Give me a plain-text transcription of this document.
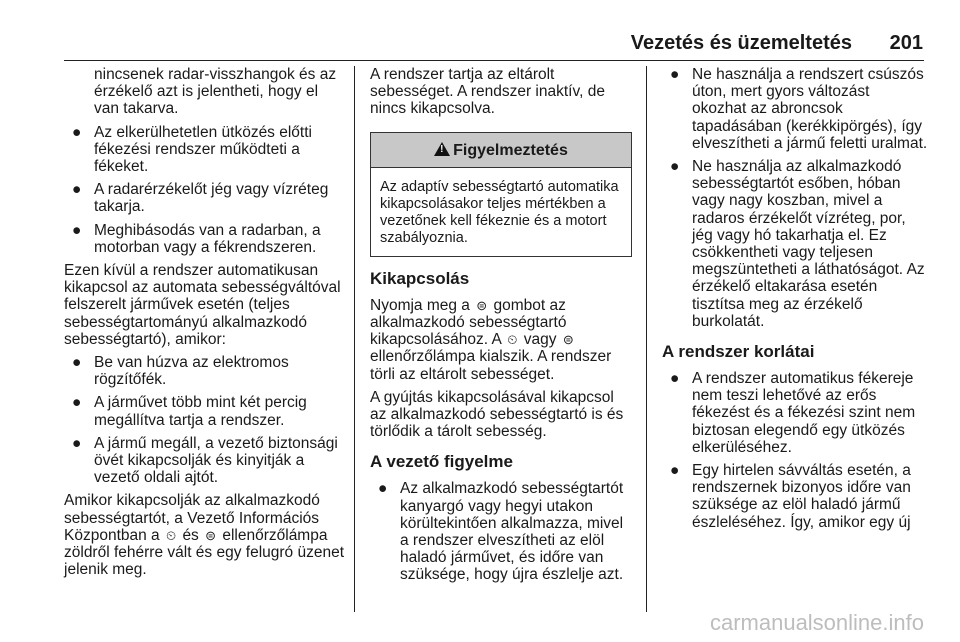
Vezetés és üzemeltetés 201
nincsenek radar-visszhangok és az érzékelő azt is jelentheti, hogy el van takarva.
● Az elkerülhetetlen ütközés előtti fékezési rendszer működteti a fékeket.
● A radarérzékelőt jég vagy vízréteg takarja.
● Meghibásodás van a radarban, a motorban vagy a fékrendszeren.

Ezen kívül a rendszer automatikusan kikapcsol az automata sebességváltóval felszerelt járművek esetén (teljes sebességtartományú alkalmazkodó sebességtartó), amikor:

● Be van húzva az elektromos rögzítőfék.
● A járművet több mint két percig megállítva tartja a rendszer.
● A jármű megáll, a vezető biztonsági övét kikapcsolják és kinyitják a vezető oldali ajtót.

Amikor kikapcsolják az alkalmazkodó sebességtartót, a Vezető Információs Központban a ⏲ és ⊜ ellenőrzőlámpa zöldről fehérre vált és egy felugró üzenet jelenik meg.

A rendszer tartja az eltárolt sebességet. A rendszer inaktív, de nincs kikapcsolva.

!Figyelmeztetés
Az adaptív sebességtartó automatika kikapcsolásakor teljes mértékben a vezetőnek kell fékeznie és a motort szabályoznia.
Kikapcsolás

Nyomja meg a ⊜ gombot az alkalmazkodó sebességtartó kikapcsolásához. A ⏲ vagy ⊜ ellenőrzőlámpa kialszik. A rendszer törli az eltárolt sebességet.

A gyújtás kikapcsolásával kikapcsol az alkalmazkodó sebességtartó is és törlődik a tárolt sebesség.

A vezető figyelme
● Az alkalmazkodó sebességtartót kanyargó vagy hegyi utakon körültekintően alkalmazza, mivel a rendszer elveszítheti az elöl haladó járművet, és időre van szüksége, hogy újra észlelje azt.
● Ne használja a rendszert csúszós úton, mert gyors változást okozhat az abroncsok tapadásában (kerékkipörgés), így elveszítheti a jármű feletti uralmat.
● Ne használja az alkalmazkodó sebességtartót esőben, hóban vagy nagy koszban, mivel a radaros érzékelőt vízréteg, por, jég vagy hó takarhatja el. Ez csökkentheti vagy teljesen megszüntetheti a láthatóságot. Az érzékelő eltakarása esetén tisztítsa meg az érzékelő burkolatát.
A rendszer korlátai
● A rendszer automatikus fékereje nem teszi lehetővé az erős fékezést és a fékezési szint nem biztosan elegendő egy ütközés elkerüléséhez.
● Egy hirtelen sávváltás esetén, a rendszernek bizonyos időre van szüksége az elöl haladó jármű észleléséhez. Így, amikor egy új
carmanualsonline.info
